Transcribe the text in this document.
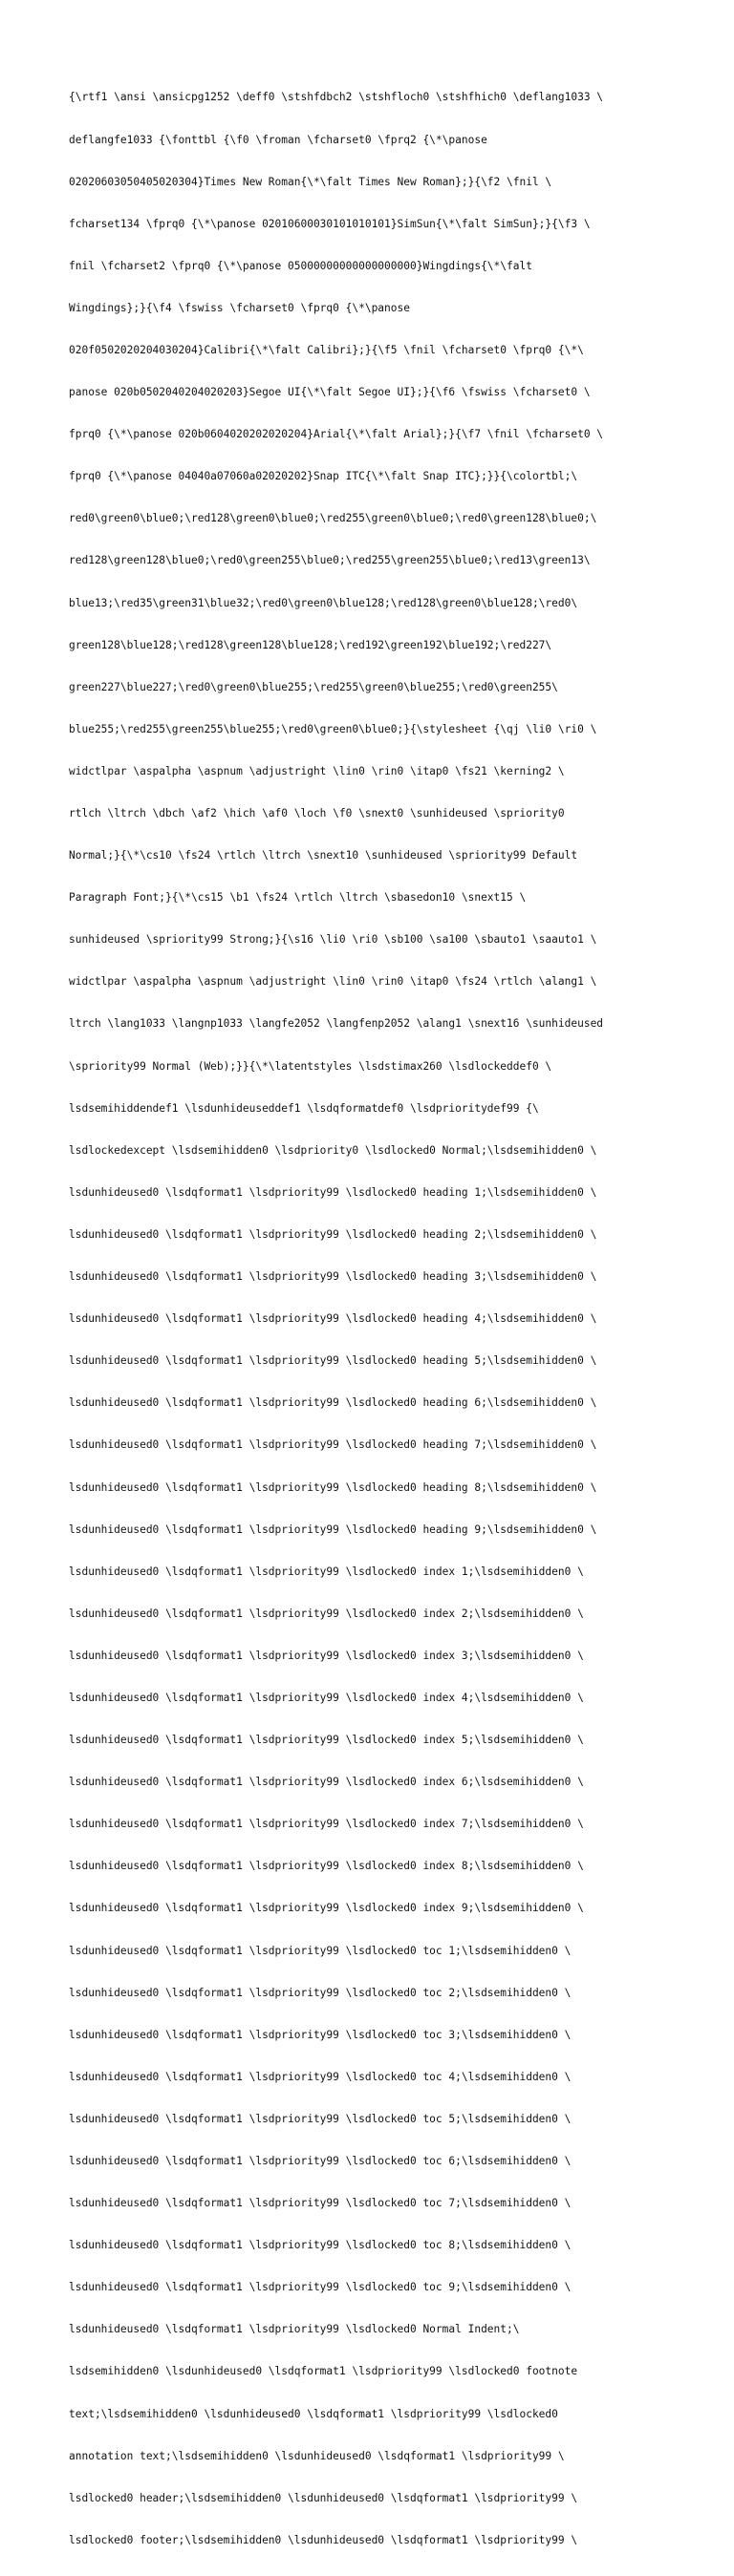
{\rtf1 \ansi \ansicpg1252 \deff0 \stshfdbch2 \stshfloch0 \stshfhich0 \deflang1033 \

deflangfe1033 {\fonttbl {\f0 \froman \fcharset0 \fprq2 {\*\panose

02020603050405020304}Times New Roman{\*\falt Times New Roman};}{\f2 \fnil \

fcharset134 \fprq0 {\*\panose 02010600030101010101}SimSun{\*\falt SimSun};}{\f3 \

fnil \fcharset2 \fprq0 {\*\panose 05000000000000000000}Wingdings{\*\falt

Wingdings};}{\f4 \fswiss \fcharset0 \fprq0 {\*\panose

020f0502020204030204}Calibri{\*\falt Calibri};}{\f5 \fnil \fcharset0 \fprq0 {\*\

panose 020b0502040204020203}Segoe UI{\*\falt Segoe UI};}{\f6 \fswiss \fcharset0 \

fprq0 {\*\panose 020b0604020202020204}Arial{\*\falt Arial};}{\f7 \fnil \fcharset0 \

fprq0 {\*\panose 04040a07060a02020202}Snap ITC{\*\falt Snap ITC};}}{\colortbl;\

red0\green0\blue0;\red128\green0\blue0;\red255\green0\blue0;\red0\green128\blue0;\

red128\green128\blue0;\red0\green255\blue0;\red255\green255\blue0;\red13\green13\

blue13;\red35\green31\blue32;\red0\green0\blue128;\red128\green0\blue128;\red0\

green128\blue128;\red128\green128\blue128;\red192\green192\blue192;\red227\

green227\blue227;\red0\green0\blue255;\red255\green0\blue255;\red0\green255\

blue255;\red255\green255\blue255;\red0\green0\blue0;}{\stylesheet {\qj \li0 \ri0 \

widctlpar \aspalpha \aspnum \adjustright \lin0 \rin0 \itap0 \fs21 \kerning2 \

rtlch \ltrch \dbch \af2 \hich \af0 \loch \f0 \snext0 \sunhideused \spriority0

Normal;}{\*\cs10 \fs24 \rtlch \ltrch \snext10 \sunhideused \spriority99 Default

Paragraph Font;}{\*\cs15 \b1 \fs24 \rtlch \ltrch \sbasedon10 \snext15 \

sunhideused \spriority99 Strong;}{\s16 \li0 \ri0 \sb100 \sa100 \sbauto1 \saauto1 \

widctlpar \aspalpha \aspnum \adjustright \lin0 \rin0 \itap0 \fs24 \rtlch \alang1 \

ltrch \lang1033 \langnp1033 \langfe2052 \langfenp2052 \alang1 \snext16 \sunhideused

\spriority99 Normal (Web);}}{\*\latentstyles \lsdstimax260 \lsdlockeddef0 \

lsdsemihiddendef1 \lsdunhideuseddef1 \lsdqformatdef0 \lsdprioritydef99 {\

lsdlockedexcept \lsdsemihidden0 \lsdpriority0 \lsdlocked0 Normal;\lsdsemihidden0 \

lsdunhideused0 \lsdqformat1 \lsdpriority99 \lsdlocked0 heading 1;\lsdsemihidden0 \

lsdunhideused0 \lsdqformat1 \lsdpriority99 \lsdlocked0 heading 2;\lsdsemihidden0 \

lsdunhideused0 \lsdqformat1 \lsdpriority99 \lsdlocked0 heading 3;\lsdsemihidden0 \

lsdunhideused0 \lsdqformat1 \lsdpriority99 \lsdlocked0 heading 4;\lsdsemihidden0 \

lsdunhideused0 \lsdqformat1 \lsdpriority99 \lsdlocked0 heading 5;\lsdsemihidden0 \

lsdunhideused0 \lsdqformat1 \lsdpriority99 \lsdlocked0 heading 6;\lsdsemihidden0 \

lsdunhideused0 \lsdqformat1 \lsdpriority99 \lsdlocked0 heading 7;\lsdsemihidden0 \

lsdunhideused0 \lsdqformat1 \lsdpriority99 \lsdlocked0 heading 8;\lsdsemihidden0 \

lsdunhideused0 \lsdqformat1 \lsdpriority99 \lsdlocked0 heading 9;\lsdsemihidden0 \

lsdunhideused0 \lsdqformat1 \lsdpriority99 \lsdlocked0 index 1;\lsdsemihidden0 \

lsdunhideused0 \lsdqformat1 \lsdpriority99 \lsdlocked0 index 2;\lsdsemihidden0 \

lsdunhideused0 \lsdqformat1 \lsdpriority99 \lsdlocked0 index 3;\lsdsemihidden0 \

lsdunhideused0 \lsdqformat1 \lsdpriority99 \lsdlocked0 index 4;\lsdsemihidden0 \

lsdunhideused0 \lsdqformat1 \lsdpriority99 \lsdlocked0 index 5;\lsdsemihidden0 \

lsdunhideused0 \lsdqformat1 \lsdpriority99 \lsdlocked0 index 6;\lsdsemihidden0 \

lsdunhideused0 \lsdqformat1 \lsdpriority99 \lsdlocked0 index 7;\lsdsemihidden0 \

lsdunhideused0 \lsdqformat1 \lsdpriority99 \lsdlocked0 index 8;\lsdsemihidden0 \

lsdunhideused0 \lsdqformat1 \lsdpriority99 \lsdlocked0 index 9;\lsdsemihidden0 \

lsdunhideused0 \lsdqformat1 \lsdpriority99 \lsdlocked0 toc 1;\lsdsemihidden0 \

lsdunhideused0 \lsdqformat1 \lsdpriority99 \lsdlocked0 toc 2;\lsdsemihidden0 \

lsdunhideused0 \lsdqformat1 \lsdpriority99 \lsdlocked0 toc 3;\lsdsemihidden0 \

lsdunhideused0 \lsdqformat1 \lsdpriority99 \lsdlocked0 toc 4;\lsdsemihidden0 \

lsdunhideused0 \lsdqformat1 \lsdpriority99 \lsdlocked0 toc 5;\lsdsemihidden0 \

lsdunhideused0 \lsdqformat1 \lsdpriority99 \lsdlocked0 toc 6;\lsdsemihidden0 \

lsdunhideused0 \lsdqformat1 \lsdpriority99 \lsdlocked0 toc 7;\lsdsemihidden0 \

lsdunhideused0 \lsdqformat1 \lsdpriority99 \lsdlocked0 toc 8;\lsdsemihidden0 \

lsdunhideused0 \lsdqformat1 \lsdpriority99 \lsdlocked0 toc 9;\lsdsemihidden0 \

lsdunhideused0 \lsdqformat1 \lsdpriority99 \lsdlocked0 Normal Indent;\

lsdsemihidden0 \lsdunhideused0 \lsdqformat1 \lsdpriority99 \lsdlocked0 footnote

text;\lsdsemihidden0 \lsdunhideused0 \lsdqformat1 \lsdpriority99 \lsdlocked0

annotation text;\lsdsemihidden0 \lsdunhideused0 \lsdqformat1 \lsdpriority99 \

lsdlocked0 header;\lsdsemihidden0 \lsdunhideused0 \lsdqformat1 \lsdpriority99 \

lsdlocked0 footer;\lsdsemihidden0 \lsdunhideused0 \lsdqformat1 \lsdpriority99 \
